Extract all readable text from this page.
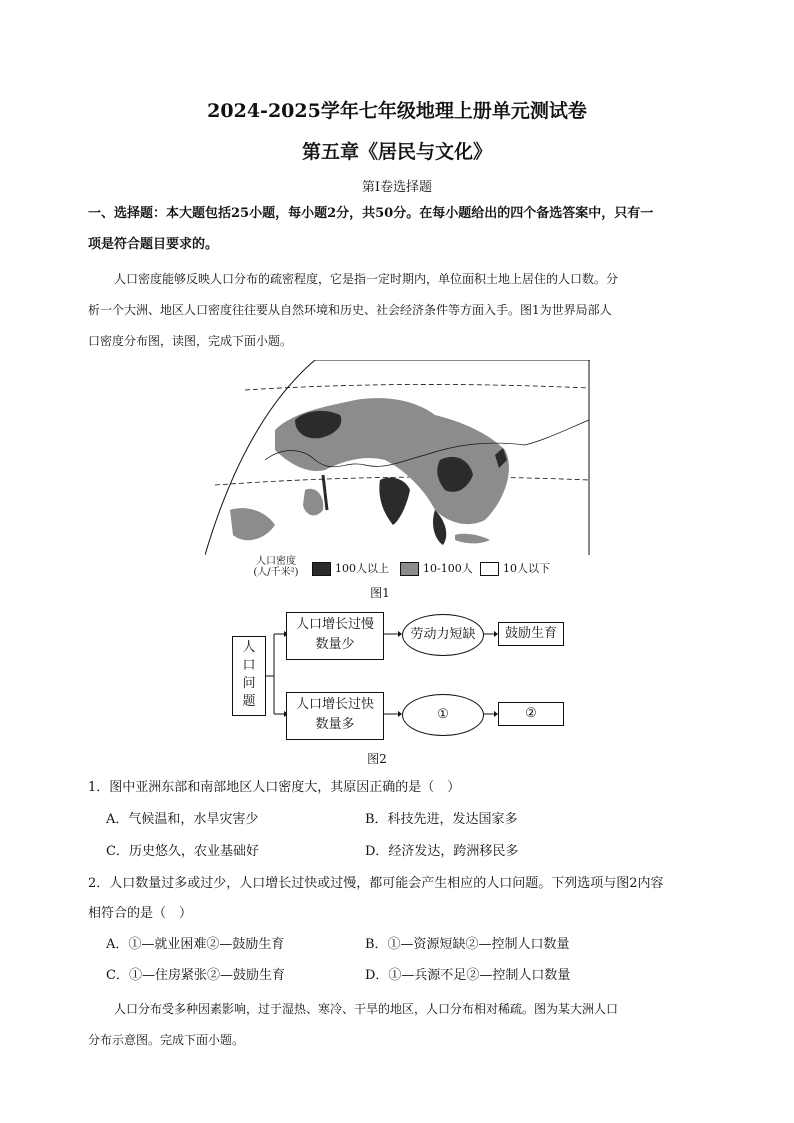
2024-2025学年七年级地理上册单元测试卷
第五章《居民与文化》
第Ⅰ卷选择题
一、选择题：本大题包括25小题，每小题2分，共50分。在每小题给出的四个备选答案中，只有一
项是符合题目要求的。
人口密度能够反映人口分布的疏密程度，它是指一定时期内，单位面积土地上居住的人口数。分
析一个大洲、地区人口密度往往要从自然环境和历史、社会经济条件等方面入手。图1为世界局部人
口密度分布图，读图，完成下面小题。
人口密度
(人/千米²)	100人以上	10-100人	10人以下
图1
人
口
问
题
人口增长过慢
数量少
劳动力短缺	鼓励生育
人口增长过快
数量多
①	②
图2
1．图中亚洲东部和南部地区人口密度大，其原因正确的是（　）
A．气候温和，水旱灾害少	B．科技先进，发达国家多
C．历史悠久，农业基础好	D．经济发达，跨洲移民多
2．人口数量过多或过少，人口增长过快或过慢，都可能会产生相应的人口问题。下列选项与图2内容
相符合的是（　）
A．①—就业困难②—鼓励生育	B．①—资源短缺②—控制人口数量
C．①—住房紧张②—鼓励生育	D．①—兵源不足②—控制人口数量
人口分布受多种因素影响，过于湿热、寒冷、干旱的地区，人口分布相对稀疏。图为某大洲人口
分布示意图。完成下面小题。
